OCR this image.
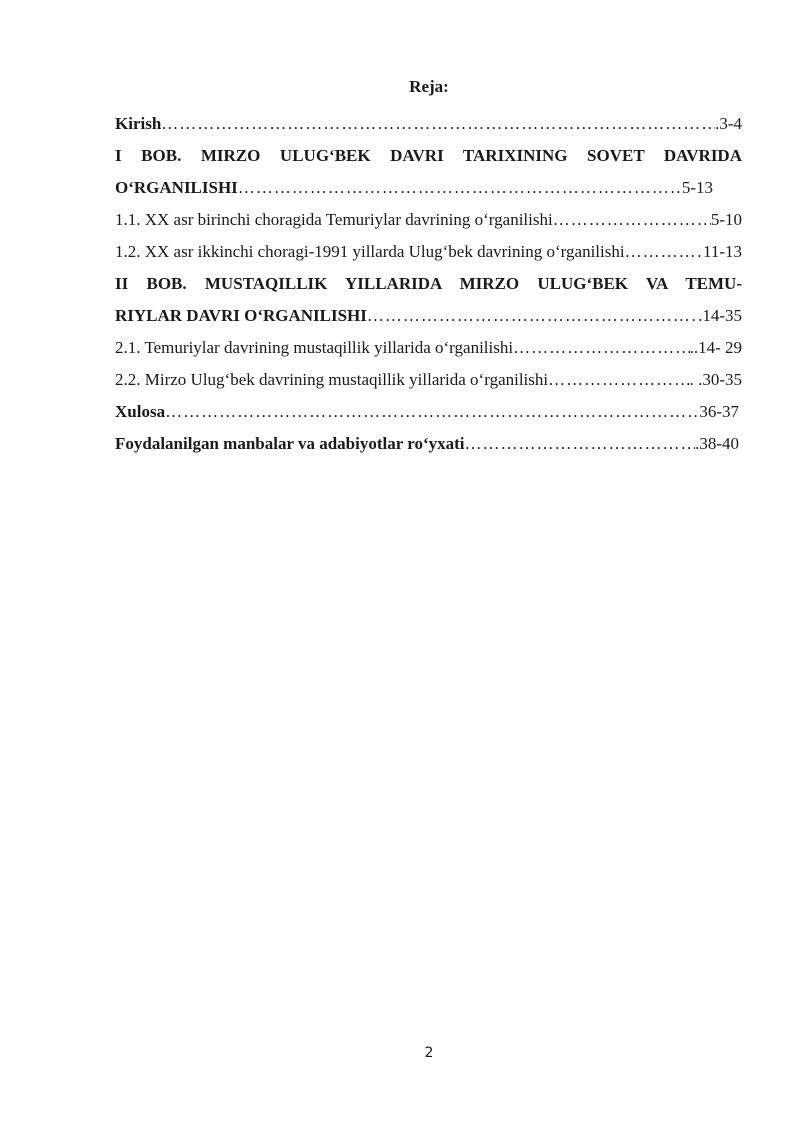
Reja:
Kirish ………………………………………………………………………………………………………………………………………………	.3-4
I BOB. MIRZO ULUG‘BEK DAVRI TARIXINING SOVET DAVRIDA
O‘RGANILISHI ………………………………………………………………………………………………………………………………………………	5-13
1.1. XX asr birinchi choragida Temuriylar davrining o‘rganilishi ………………………………………………………………………………………………………………………………………………	5-10
1.2. XX asr ikkinchi choragi-1991 yillarda Ulug‘bek davrining o‘rganilishi ………………………………………………………………………………………………………………………………………………	11-13
II BOB. MUSTAQILLIK YILLARIDA MIRZO ULUG‘BEK VA TEMU-
RIYLAR DAVRI O‘RGANILISHI ………………………………………………………………………………………………………………………………………………	.14-35
2.1. Temuriylar davrining mustaqillik yillarida o‘rganilishi ………………………………………………………………………………………………………………………………………………	..14- 29
2.2. Mirzo Ulug‘bek davrining mustaqillik yillarida o‘rganilishi ………………………………………………………………………………………………………………………………………………	. .30-35
Xulosa ………………………………………………………………………………………………………………………………………………	36-37
Foydalanilgan manbalar va adabiyotlar ro‘yxati ………………………………………………………………………………………………………………………………………………	.38-40
2
